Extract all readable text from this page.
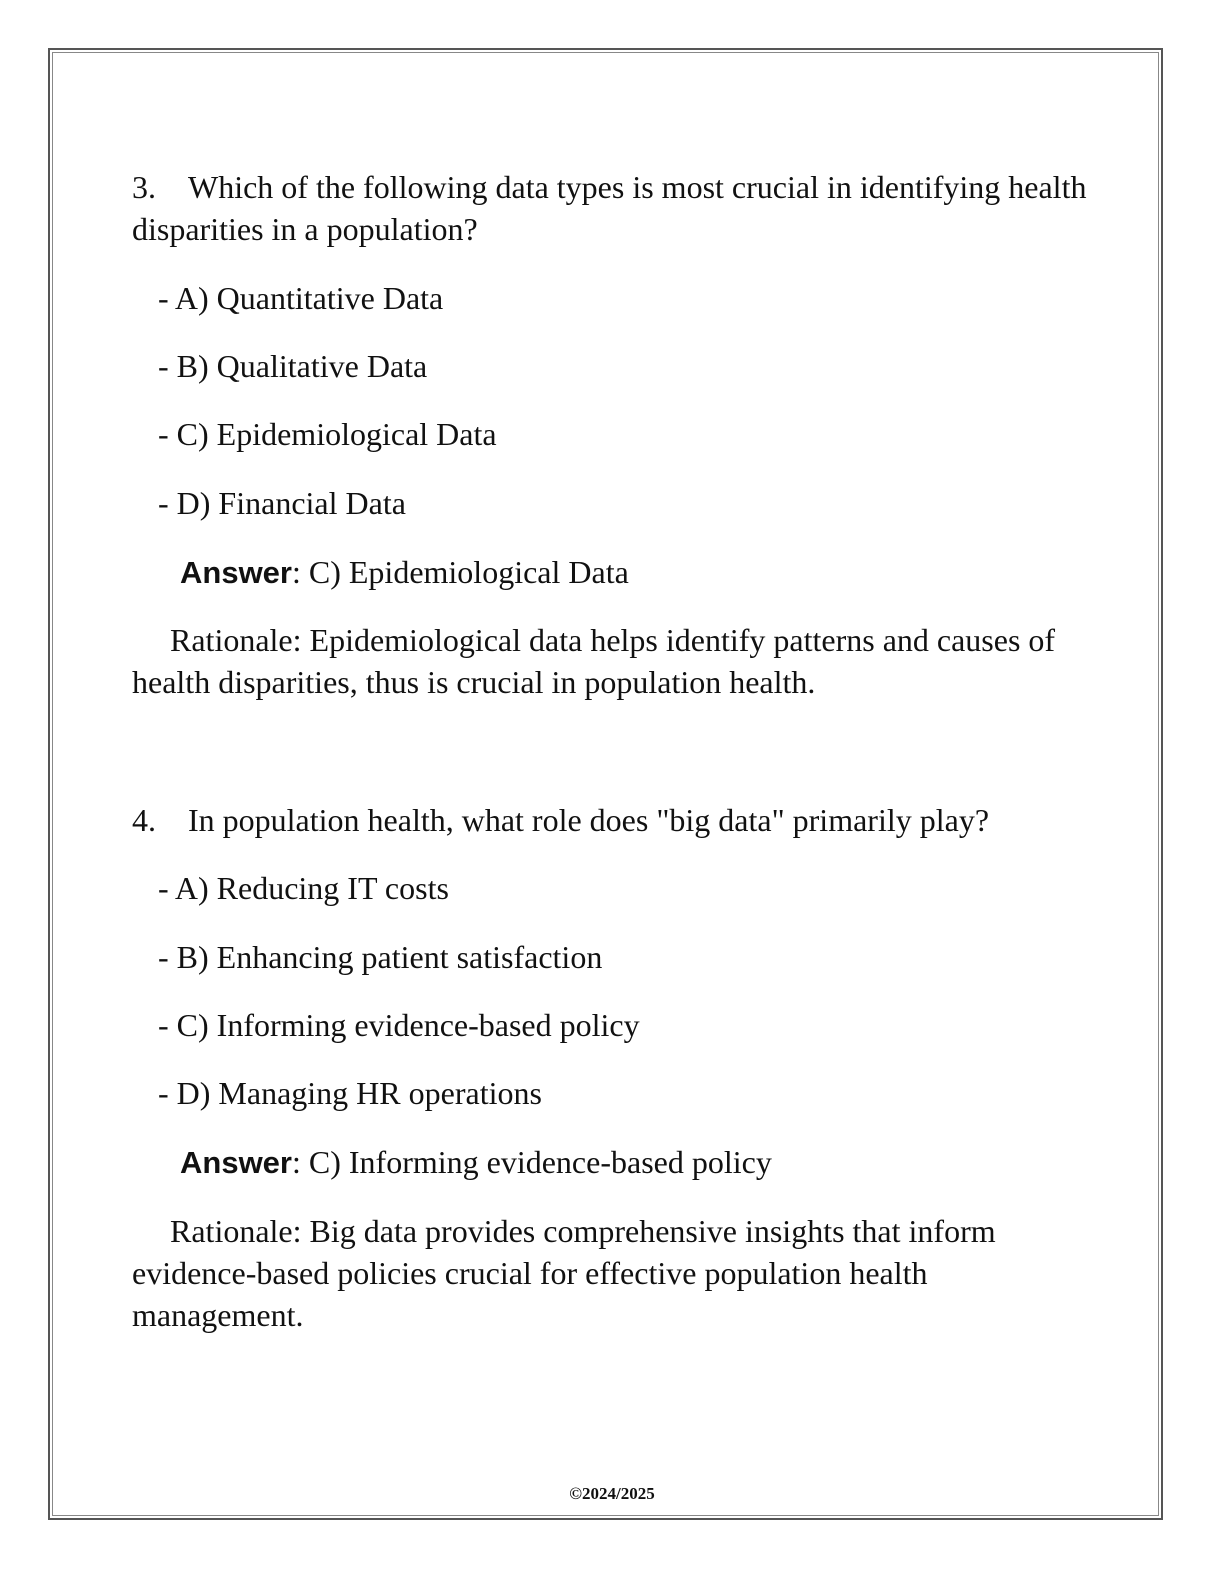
3. Which of the following data types is most crucial in identifying health disparities in a population?

- A) Quantitative Data
- B) Qualitative Data
- C) Epidemiological Data
- D) Financial Data
Answer: C) Epidemiological Data

Rationale: Epidemiological data helps identify patterns and causes of health disparities, thus is crucial in population health.

4. In population health, what role does "big data" primarily play?

- A) Reducing IT costs
- B) Enhancing patient satisfaction
- C) Informing evidence-based policy
- D) Managing HR operations
Answer: C) Informing evidence-based policy

Rationale: Big data provides comprehensive insights that inform evidence-based policies crucial for effective population health management.

©2024/2025
